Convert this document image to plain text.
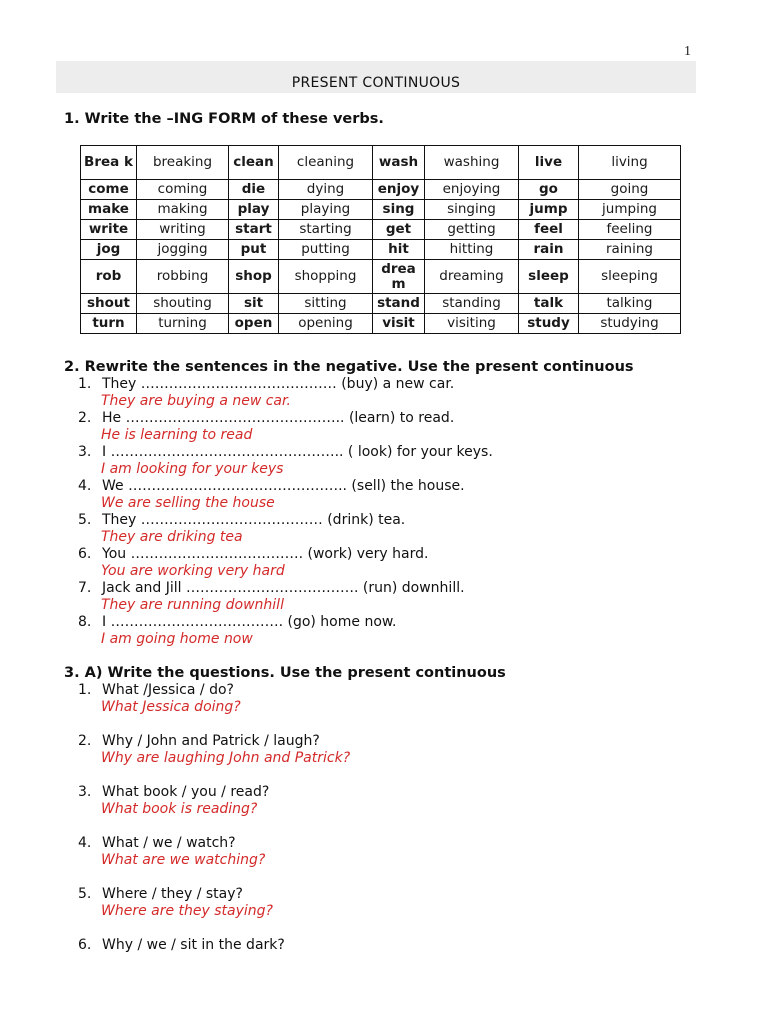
1
PRESENT CONTINUOUS
1. Write the –ING FORM of these verbs.
Brea k	breaking	clean	cleaning	wash	washing	live	living
come	coming	die	dying	enjoy	enjoying	go	going
make	making	play	playing	sing	singing	jump	jumping
write	writing	start	starting	get	getting	feel	feeling
jog	jogging	put	putting	hit	hitting	rain	raining
rob	robbing	shop	shopping	drea m	dreaming	sleep	sleeping
shout	shouting	sit	sitting	stand	standing	talk	talking
turn	turning	open	opening	visit	visiting	study	studying
2. Rewrite the sentences in the negative. Use the present continuous
1. They …………………………………… (buy) a new car.
They are buying a new car.
2. He ……………………………………….. (learn) to read.
He is learning to read
3. I ………………………………………….. ( look) for your keys.
I am looking for your keys
4. We ……………………………………….. (sell) the house.
We are selling the house
5. They ………………………………… (drink) tea.
They are driking tea
6. You ………………………………. (work) very hard.
You are working very hard
7. Jack and Jill ………………………………. (run) downhill.
They are running downhill
8. I ………………………………. (go) home now.
I am going home now
3. A) Write the questions. Use the present continuous
1. What /Jessica / do?
What Jessica doing?
2. Why / John and Patrick / laugh?
Why are laughing John and Patrick?
3. What book / you / read?
What book is reading?
4. What / we / watch?
What are we watching?
5. Where / they / stay?
Where are they staying?
6. Why / we / sit in the dark?
